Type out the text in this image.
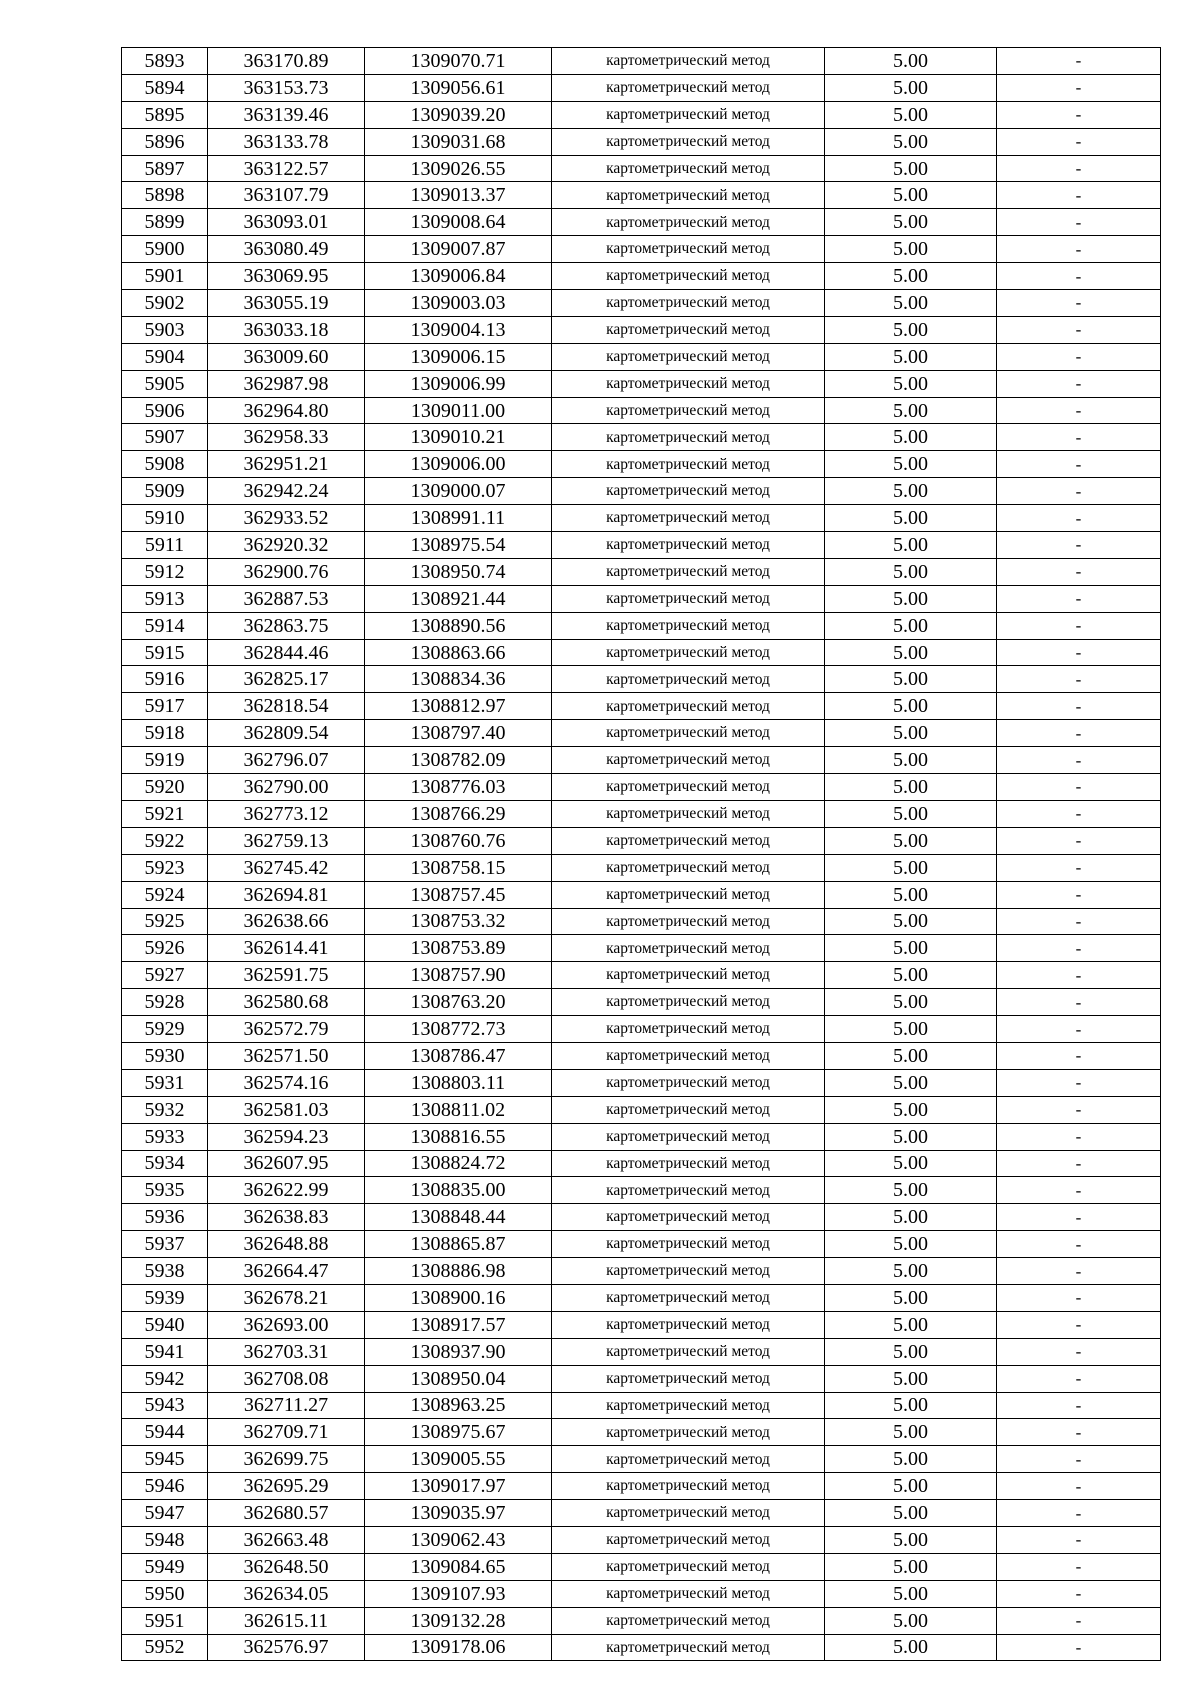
5893	363170.89	1309070.71	картометрический метод	5.00	-
5894	363153.73	1309056.61	картометрический метод	5.00	-
5895	363139.46	1309039.20	картометрический метод	5.00	-
5896	363133.78	1309031.68	картометрический метод	5.00	-
5897	363122.57	1309026.55	картометрический метод	5.00	-
5898	363107.79	1309013.37	картометрический метод	5.00	-
5899	363093.01	1309008.64	картометрический метод	5.00	-
5900	363080.49	1309007.87	картометрический метод	5.00	-
5901	363069.95	1309006.84	картометрический метод	5.00	-
5902	363055.19	1309003.03	картометрический метод	5.00	-
5903	363033.18	1309004.13	картометрический метод	5.00	-
5904	363009.60	1309006.15	картометрический метод	5.00	-
5905	362987.98	1309006.99	картометрический метод	5.00	-
5906	362964.80	1309011.00	картометрический метод	5.00	-
5907	362958.33	1309010.21	картометрический метод	5.00	-
5908	362951.21	1309006.00	картометрический метод	5.00	-
5909	362942.24	1309000.07	картометрический метод	5.00	-
5910	362933.52	1308991.11	картометрический метод	5.00	-
5911	362920.32	1308975.54	картометрический метод	5.00	-
5912	362900.76	1308950.74	картометрический метод	5.00	-
5913	362887.53	1308921.44	картометрический метод	5.00	-
5914	362863.75	1308890.56	картометрический метод	5.00	-
5915	362844.46	1308863.66	картометрический метод	5.00	-
5916	362825.17	1308834.36	картометрический метод	5.00	-
5917	362818.54	1308812.97	картометрический метод	5.00	-
5918	362809.54	1308797.40	картометрический метод	5.00	-
5919	362796.07	1308782.09	картометрический метод	5.00	-
5920	362790.00	1308776.03	картометрический метод	5.00	-
5921	362773.12	1308766.29	картометрический метод	5.00	-
5922	362759.13	1308760.76	картометрический метод	5.00	-
5923	362745.42	1308758.15	картометрический метод	5.00	-
5924	362694.81	1308757.45	картометрический метод	5.00	-
5925	362638.66	1308753.32	картометрический метод	5.00	-
5926	362614.41	1308753.89	картометрический метод	5.00	-
5927	362591.75	1308757.90	картометрический метод	5.00	-
5928	362580.68	1308763.20	картометрический метод	5.00	-
5929	362572.79	1308772.73	картометрический метод	5.00	-
5930	362571.50	1308786.47	картометрический метод	5.00	-
5931	362574.16	1308803.11	картометрический метод	5.00	-
5932	362581.03	1308811.02	картометрический метод	5.00	-
5933	362594.23	1308816.55	картометрический метод	5.00	-
5934	362607.95	1308824.72	картометрический метод	5.00	-
5935	362622.99	1308835.00	картометрический метод	5.00	-
5936	362638.83	1308848.44	картометрический метод	5.00	-
5937	362648.88	1308865.87	картометрический метод	5.00	-
5938	362664.47	1308886.98	картометрический метод	5.00	-
5939	362678.21	1308900.16	картометрический метод	5.00	-
5940	362693.00	1308917.57	картометрический метод	5.00	-
5941	362703.31	1308937.90	картометрический метод	5.00	-
5942	362708.08	1308950.04	картометрический метод	5.00	-
5943	362711.27	1308963.25	картометрический метод	5.00	-
5944	362709.71	1308975.67	картометрический метод	5.00	-
5945	362699.75	1309005.55	картометрический метод	5.00	-
5946	362695.29	1309017.97	картометрический метод	5.00	-
5947	362680.57	1309035.97	картометрический метод	5.00	-
5948	362663.48	1309062.43	картометрический метод	5.00	-
5949	362648.50	1309084.65	картометрический метод	5.00	-
5950	362634.05	1309107.93	картометрический метод	5.00	-
5951	362615.11	1309132.28	картометрический метод	5.00	-
5952	362576.97	1309178.06	картометрический метод	5.00	-
